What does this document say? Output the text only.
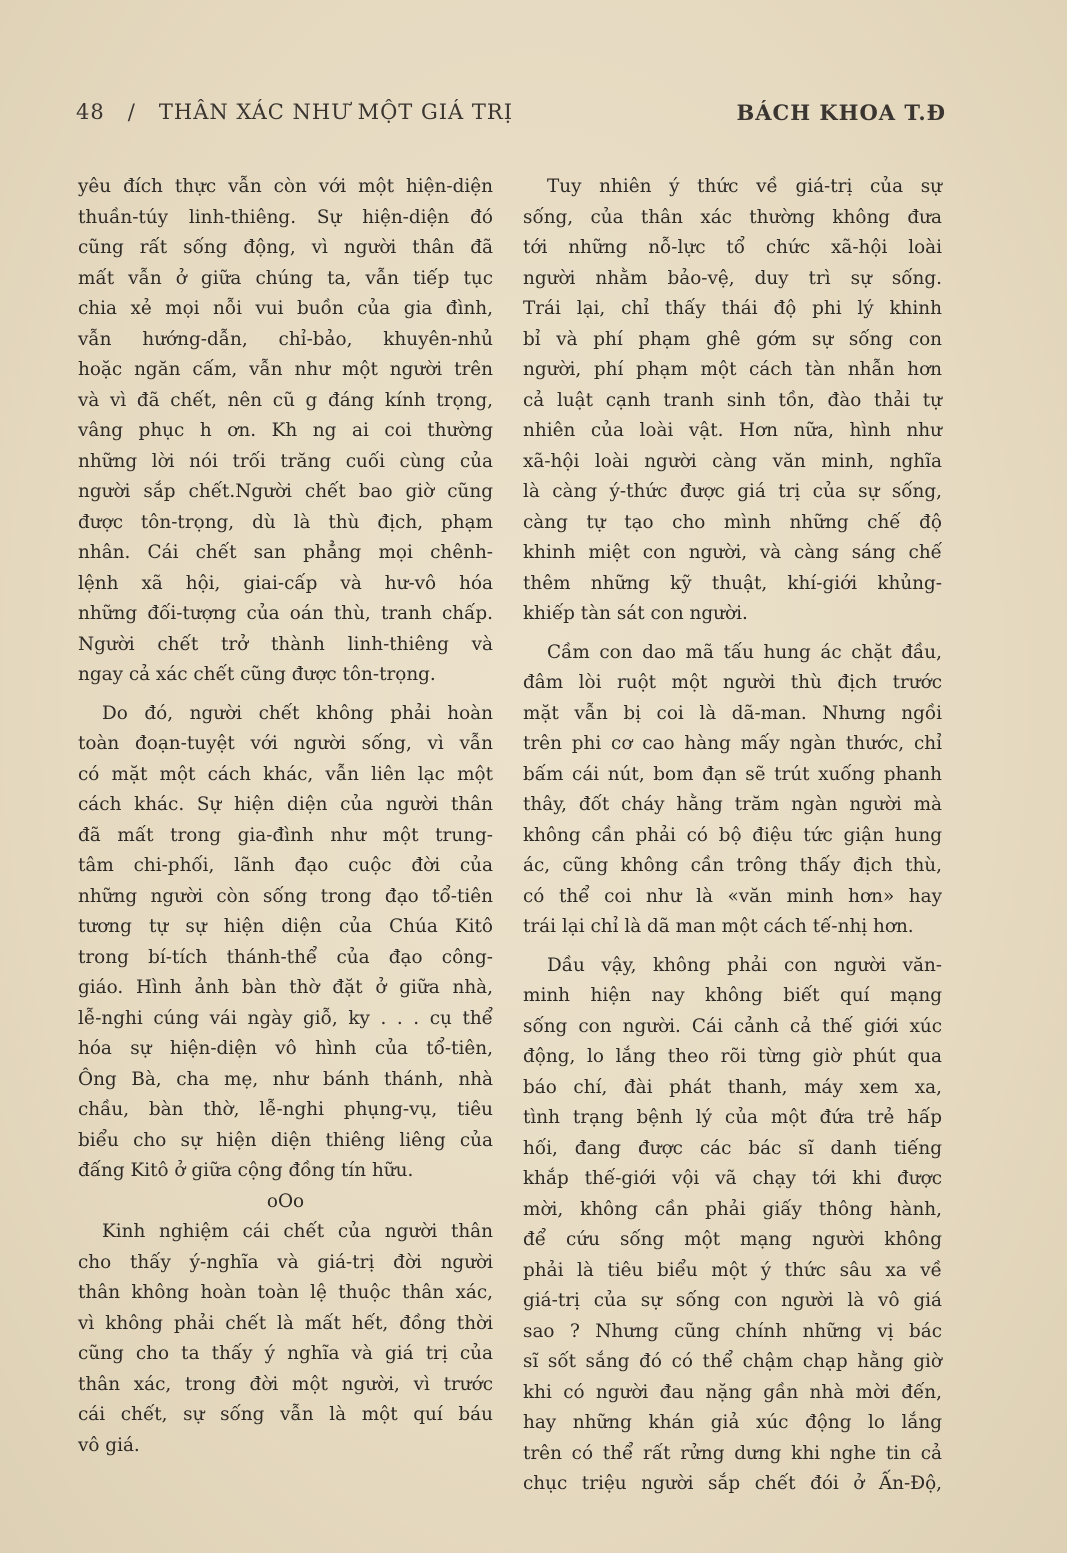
48 / THÂN XÁC NHƯ MỘT GIÁ TRỊ	BÁCH KHOA T.Đ
yêu đích thực vẫn còn với một hiện-diện
thuần-túy linh-thiêng. Sự hiện-diện đó
cũng rất sống động, vì người thân đã
mất vẫn ở giữa chúng ta, vẫn tiếp tục
chia xẻ mọi nỗi vui buồn của gia đình,
vẫn hướng-dẫn, chỉ-bảo, khuyên-nhủ
hoặc ngăn cấm, vẫn như một người trên
và vì đã chết, nên cũ g đáng kính trọng,
vâng phục h ơn. Kh ng ai coi thường
những lời nói trối trăng cuối cùng của
người sắp chết.Người chết bao giờ cũng
được tôn-trọng, dù là thù địch, phạm
nhân. Cái chết san phẳng mọi chênh-
lệnh xã hội, giai-cấp và hư-vô hóa
những đối-tượng của oán thù, tranh chấp.
Người chết trở thành linh-thiêng và
ngay cả xác chết cũng được tôn-trọng.
Do đó, người chết không phải hoàn
toàn đoạn-tuyệt với người sống, vì vẫn
có mặt một cách khác, vẫn liên lạc một
cách khác. Sự hiện diện của người thân
đã mất trong gia-đình như một trung-
tâm chi-phối, lãnh đạo cuộc đời của
những người còn sống trong đạo tổ-tiên
tương tự sự hiện diện của Chúa Kitô
trong bí-tích thánh-thể của đạo công-
giáo. Hình ảnh bàn thờ đặt ở giữa nhà,
lễ-nghi cúng vái ngày giỗ, ky . . . cụ thể
hóa sự hiện-diện vô hình của tổ-tiên,
Ông Bà, cha mẹ, như bánh thánh, nhà
chầu, bàn thờ, lễ-nghi phụng-vụ, tiêu
biểu cho sự hiện diện thiêng liêng của
đấng Kitô ở giữa cộng đồng tín hữu.
oOo
Kinh nghiệm cái chết của người thân
cho thấy ý-nghĩa và giá-trị đời người
thân không hoàn toàn lệ thuộc thân xác,
vì không phải chết là mất hết, đồng thời
cũng cho ta thấy ý nghĩa và giá trị của
thân xác, trong đời một người, vì trước
cái chết, sự sống vẫn là một quí báu
vô giá.
Tuy nhiên ý thức về giá-trị của sự
sống, của thân xác thường không đưa
tới những nỗ-lực tổ chức xã-hội loài
người nhằm bảo-vệ, duy trì sự sống.
Trái lại, chỉ thấy thái độ phi lý khinh
bỉ và phí phạm ghê gớm sự sống con
người, phí phạm một cách tàn nhẫn hơn
cả luật cạnh tranh sinh tồn, đào thải tự
nhiên của loài vật. Hơn nữa, hình như
xã-hội loài người càng văn minh, nghĩa
là càng ý-thức được giá trị của sự sống,
càng tự tạo cho mình những chế độ
khinh miệt con người, và càng sáng chế
thêm những kỹ thuật, khí-giới khủng-
khiếp tàn sát con người.
Cầm con dao mã tấu hung ác chặt đầu,
đâm lòi ruột một người thù địch trước
mặt vẫn bị coi là dã-man. Nhưng ngồi
trên phi cơ cao hàng mấy ngàn thước, chỉ
bấm cái nút, bom đạn sẽ trút xuống phanh
thây, đốt cháy hằng trăm ngàn người mà
không cần phải có bộ điệu tức giận hung
ác, cũng không cần trông thấy địch thù,
có thể coi như là «văn minh hơn» hay
trái lại chỉ là dã man một cách tế-nhị hơn.
Dầu vậy, không phải con người văn-
minh hiện nay không biết quí mạng
sống con người. Cái cảnh cả thế giới xúc
động, lo lắng theo rõi từng giờ phút qua
báo chí, đài phát thanh, máy xem xa,
tình trạng bệnh lý của một đứa trẻ hấp
hối, đang được các bác sĩ danh tiếng
khắp thế-giới vội vã chạy tới khi được
mời, không cần phải giấy thông hành,
để cứu sống một mạng người không
phải là tiêu biểu một ý thức sâu xa về
giá-trị của sự sống con người là vô giá
sao ? Nhưng cũng chính những vị bác
sĩ sốt sắng đó có thể chậm chạp hằng giờ
khi có người đau nặng gần nhà mời đến,
hay những khán giả xúc động lo lắng
trên có thể rất rửng dưng khi nghe tin cả
chục triệu người sắp chết đói ở Ấn-Độ,
